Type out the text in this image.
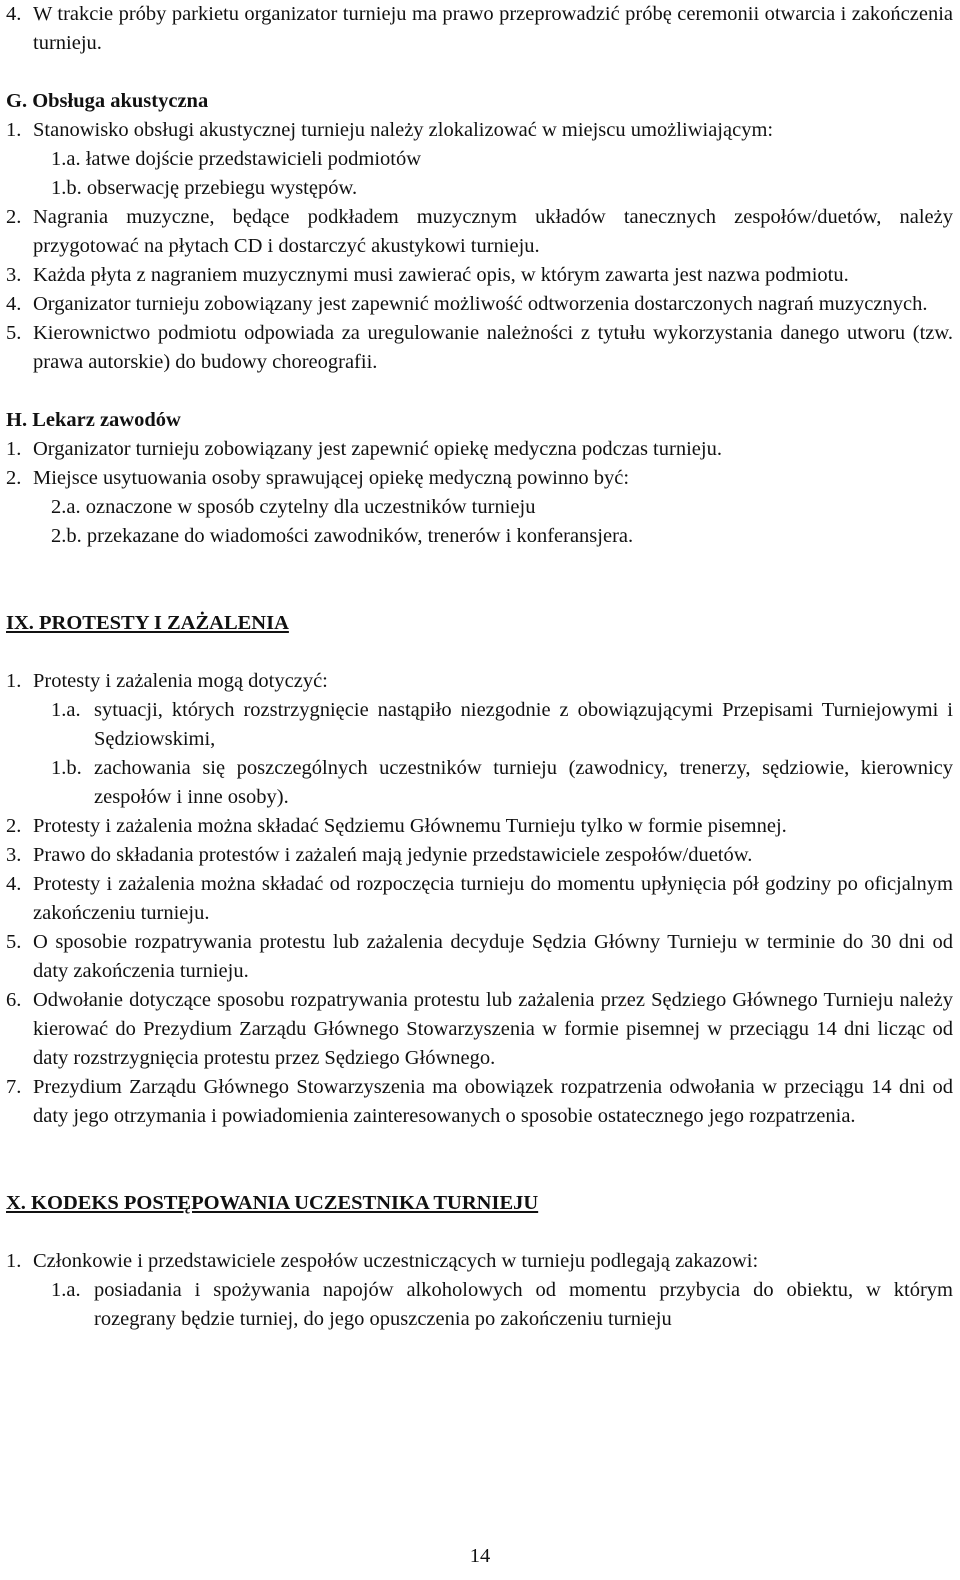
4. W trakcie próby parkietu organizator turnieju ma prawo przeprowadzić próbę ceremonii otwarcia i zakończenia turnieju.

G. Obsługa akustyczna

1. Stanowisko obsługi akustycznej turnieju należy zlokalizować w miejscu umożliwiającym:

1.a. łatwe dojście przedstawicieli podmiotów

1.b. obserwację przebiegu występów.

2. Nagrania muzyczne, będące podkładem muzycznym układów tanecznych zespołów/duetów, należy przygotować na płytach CD i dostarczyć akustykowi turnieju.
3. Każda płyta z nagraniem muzycznymi musi zawierać opis, w którym zawarta jest nazwa podmiotu.
4. Organizator turnieju zobowiązany jest zapewnić możliwość odtworzenia dostarczonych nagrań muzycznych.
5. Kierownictwo podmiotu odpowiada za uregulowanie należności z tytułu wykorzystania danego utworu (tzw. prawa autorskie) do budowy choreografii.

H. Lekarz zawodów

1. Organizator turnieju zobowiązany jest zapewnić opiekę medyczna podczas turnieju.
2. Miejsce usytuowania osoby sprawującej opiekę medyczną powinno być:

2.a. oznaczone w sposób czytelny dla uczestników turnieju

2.b. przekazane do wiadomości zawodników, trenerów i konferansjera.

IX. PROTESTY I ZAŻALENIA

1. Protesty i zażalenia mogą dotyczyć:
1.a. sytuacji, których rozstrzygnięcie nastąpiło niezgodnie z obowiązującymi Przepisami Turniejowymi i Sędziowskimi,
1.b. zachowania się poszczególnych uczestników turnieju (zawodnicy, trenerzy, sędziowie, kierownicy zespołów i inne osoby).
2. Protesty i zażalenia można składać Sędziemu Głównemu Turnieju tylko w formie pisemnej.
3. Prawo do składania protestów i zażaleń mają jedynie przedstawiciele zespołów/duetów.
4. Protesty i zażalenia można składać od rozpoczęcia turnieju do momentu upłynięcia pół godziny po oficjalnym zakończeniu turnieju.
5. O sposobie rozpatrywania protestu lub zażalenia decyduje Sędzia Główny Turnieju w terminie do 30 dni od daty zakończenia turnieju.
6. Odwołanie dotyczące sposobu rozpatrywania protestu lub zażalenia przez Sędziego Głównego Turnieju należy kierować do Prezydium Zarządu Głównego Stowarzyszenia w formie pisemnej w przeciągu 14 dni licząc od daty rozstrzygnięcia protestu przez Sędziego Głównego.
7. Prezydium Zarządu Głównego Stowarzyszenia ma obowiązek rozpatrzenia odwołania w przeciągu 14 dni od daty jego otrzymania i powiadomienia zainteresowanych o sposobie ostatecznego jego rozpatrzenia.

X. KODEKS POSTĘPOWANIA UCZESTNIKA TURNIEJU

1. Członkowie i przedstawiciele zespołów uczestniczących w turnieju podlegają zakazowi:
1.a. posiadania i spożywania napojów alkoholowych od momentu przybycia do obiektu, w którym rozegrany będzie turniej, do jego opuszczenia po zakończeniu turnieju
14
